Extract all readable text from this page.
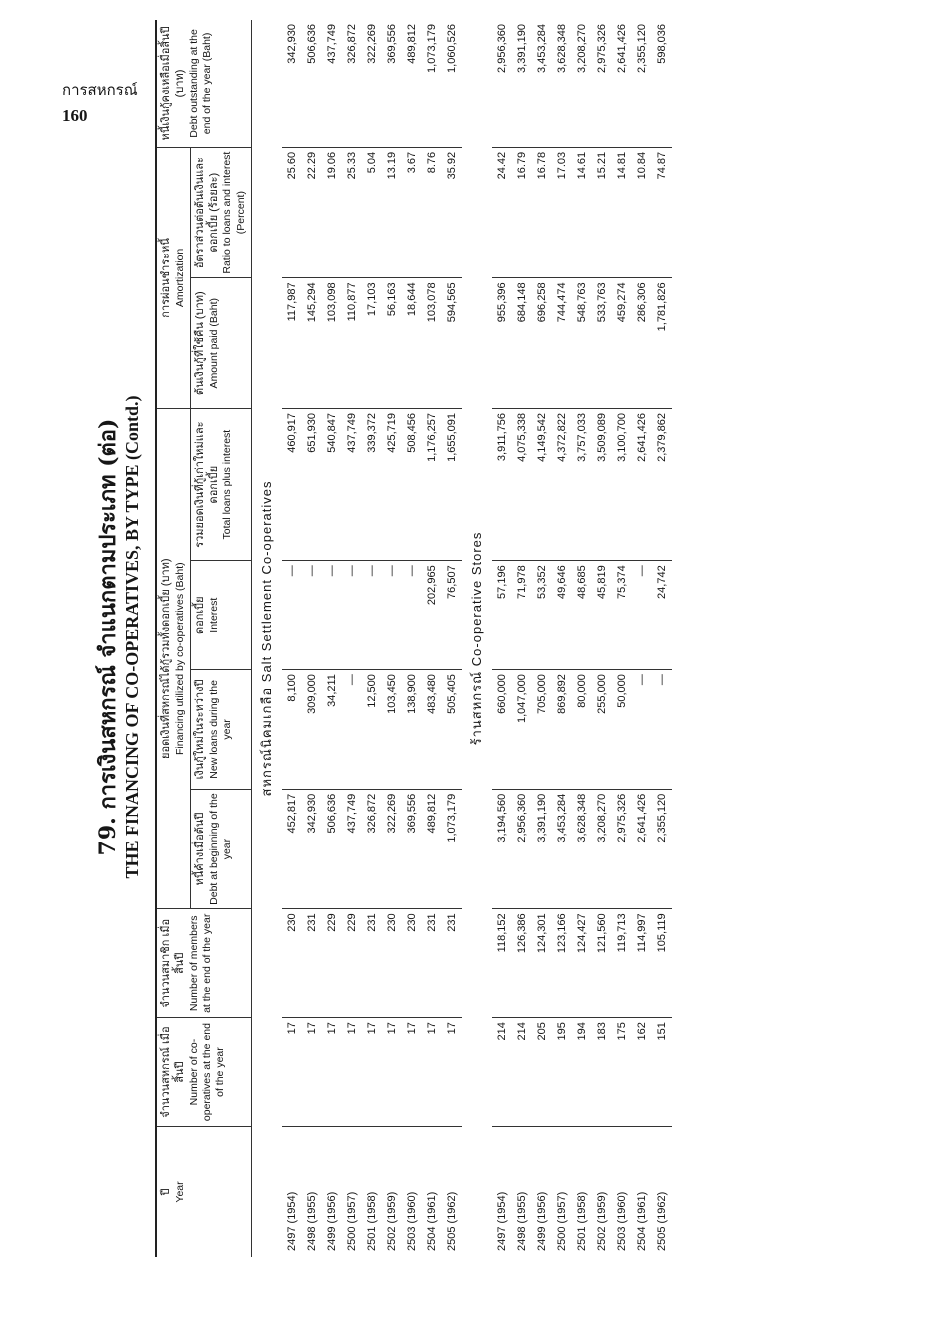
การสหกรณ์
160
79. การเงินสหกรณ์ จำแนกตามประเภท (ต่อ) THE FINANCING OF CO-OPERATIVES, BY TYPE (Contd.)
ปี Year	จำนวนสหกรณ์ เมื่อสิ้นปี Number of co-operatives at the end of the year	จำนวนสมาชิก เมื่อสิ้นปี Number of members at the end of the year	ยอดเงินที่สหกรณ์ได้กู้รวมทั้งดอกเบี้ย (บาท) Financing utilized by co-operatives (Baht)				การผ่อนชำระหนี้ Amortization		หนี้เงินกู้คงเหลือเมื่อสิ้นปี (บาท) Debt outstanding at the end of the year (Baht)

			หนี้ค้างเมื่อต้นปี Debt at beginning of the year	เงินกู้ใหม่ในระหว่างปี New loans during the year	ดอกเบี้ย Interest	รวมยอดเงินที่กู้เก่าใหม่และดอกเบี้ย Total loans plus interest	ต้นเงินกู้ที่ใช้คืน (บาท) Amount paid (Baht)	อัตราส่วนต่อต้นเงินและดอกเบี้ย (ร้อยละ) Ratio to loans and interest (Percent)	

สหกรณ์นิคมเกลือ Salt Settlement Co-operatives									
2497 (1954)	17	230	452,817	8,100	—	460,917	117,987	25.60	342,930
2498 (1955)	17	231	342,930	309,000	—	651,930	145,294	22.29	506,636
2499 (1956)	17	229	506,636	34,211	—	540,847	103,098	19.06	437,749
2500 (1957)	17	229	437,749	—	—	437,749	110,877	25.33	326,872
2501 (1958)	17	231	326,872	12,500	—	339,372	17,103	5.04	322,269
2502 (1959)	17	230	322,269	103,450	—	425,719	56,163	13.19	369,556
2503 (1960)	17	230	369,556	138,900	—	508,456	18,644	3.67	489,812
2504 (1961)	17	231	489,812	483,480	202,965	1,176,257	103,078	8.76	1,073,179
2505 (1962)	17	231	1,073,179	505,405	76,507	1,655,091	594,565	35.92	1,060,526
ร้านสหกรณ์ Co-operative Stores									
2497 (1954)	214	118,152	3,194,560	660,000	57,196	3,911,756	955,396	24.42	2,956,360
2498 (1955)	214	126,386	2,956,360	1,047,000	71,978	4,075,338	684,148	16.79	3,391,190
2499 (1956)	205	124,301	3,391,190	705,000	53,352	4,149,542	696,258	16.78	3,453,284
2500 (1957)	195	123,166	3,453,284	869,892	49,646	4,372,822	744,474	17.03	3,628,348
2501 (1958)	194	124,427	3,628,348	80,000	48,685	3,757,033	548,763	14.61	3,208,270
2502 (1959)	183	121,560	3,208,270	255,000	45,819	3,509,089	533,763	15.21	2,975,326
2503 (1960)	175	119,713	2,975,326	50,000	75,374	3,100,700	459,274	14.81	2,641,426
2504 (1961)	162	114,997	2,641,426	—	—	2,641,426	286,306	10.84	2,355,120
2505 (1962)	151	105,119	2,355,120	—	24,742	2,379,862	1,781,826	74.87	598,036
